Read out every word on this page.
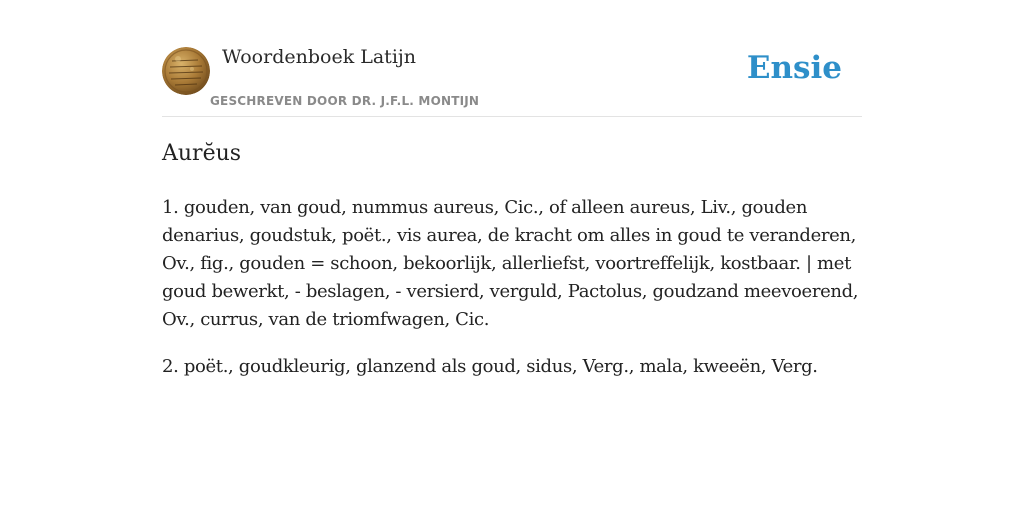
Woordenboek Latijn
GESCHREVEN DOOR DR. J.F.L. MONTIJN
Ensie
Aurĕus

1. gouden, van goud, nummus aureus, Cic., of alleen aureus, Liv., gouden denarius, goudstuk, poët., vis aurea, de kracht om alles in goud te veranderen, Ov., fig., gouden = schoon, bekoorlijk, allerliefst, voortreffelijk, kostbaar. | met goud bewerkt, - beslagen, - versierd, verguld, Pactolus, goudzand meevoerend, Ov., currus, van de triomfwagen, Cic.

2. poët., goudkleurig, glanzend als goud, sidus, Verg., mala, kweeën, Verg.
